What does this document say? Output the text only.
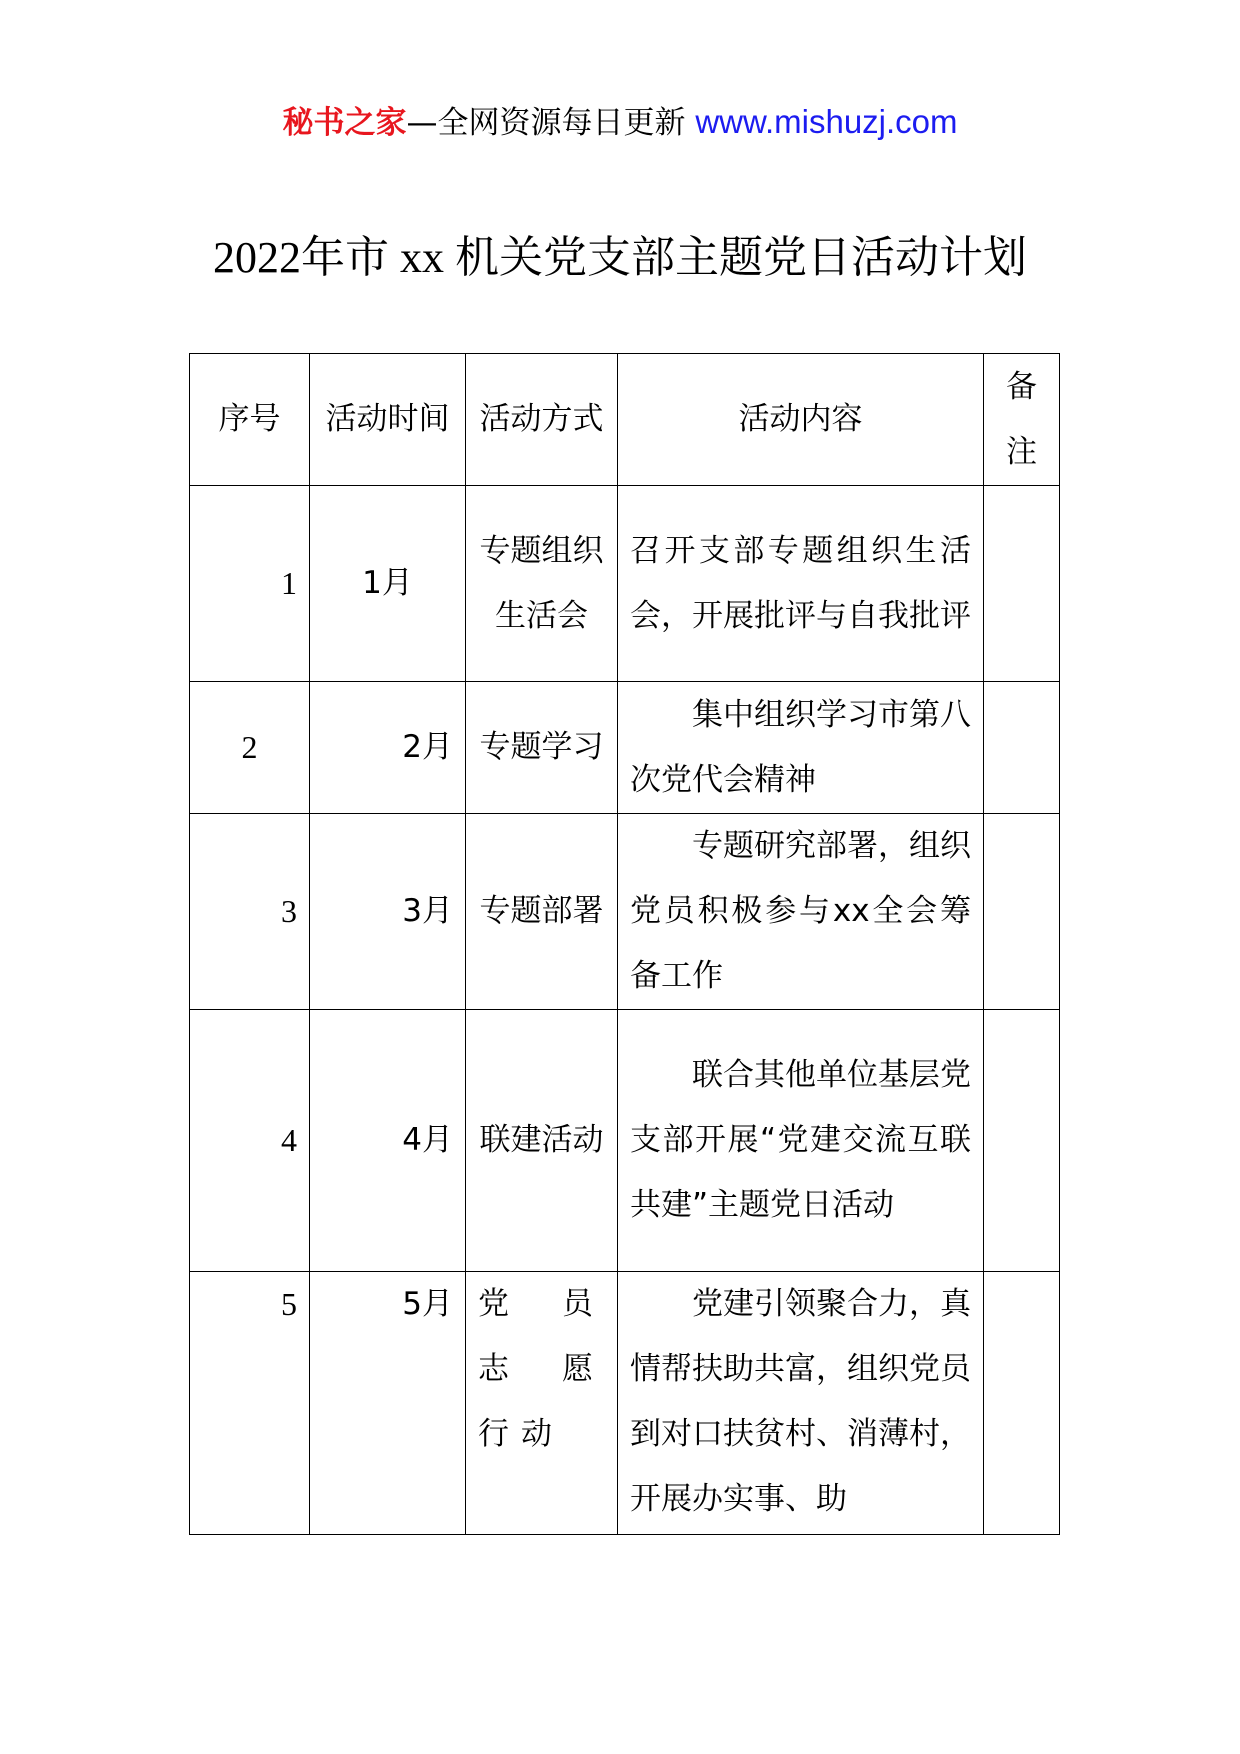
秘书之家—全网资源每日更新 www.mishuzj.com
2022年市 xx 机关党支部主题党日活动计划
序号	活动时间	活动方式	活动内容	备注
1	1月	专题组织生活会	召开支部专题组织生活会，开展批评与自我批评	
2	2月	专题学习	集中组织学习市第八次党代会精神	
3	3月	专题部署	专题研究部署，组织党员积极参与xx全会筹备工作	
4	4月	联建活动	联合其他单位基层党支部开展“党建交流互联共建”主题党日活动	
5	5月	党员志愿行动	党建引领聚合力，真情帮扶助共富，组织党员到对口扶贫村、消薄村，开展办实事、助	
